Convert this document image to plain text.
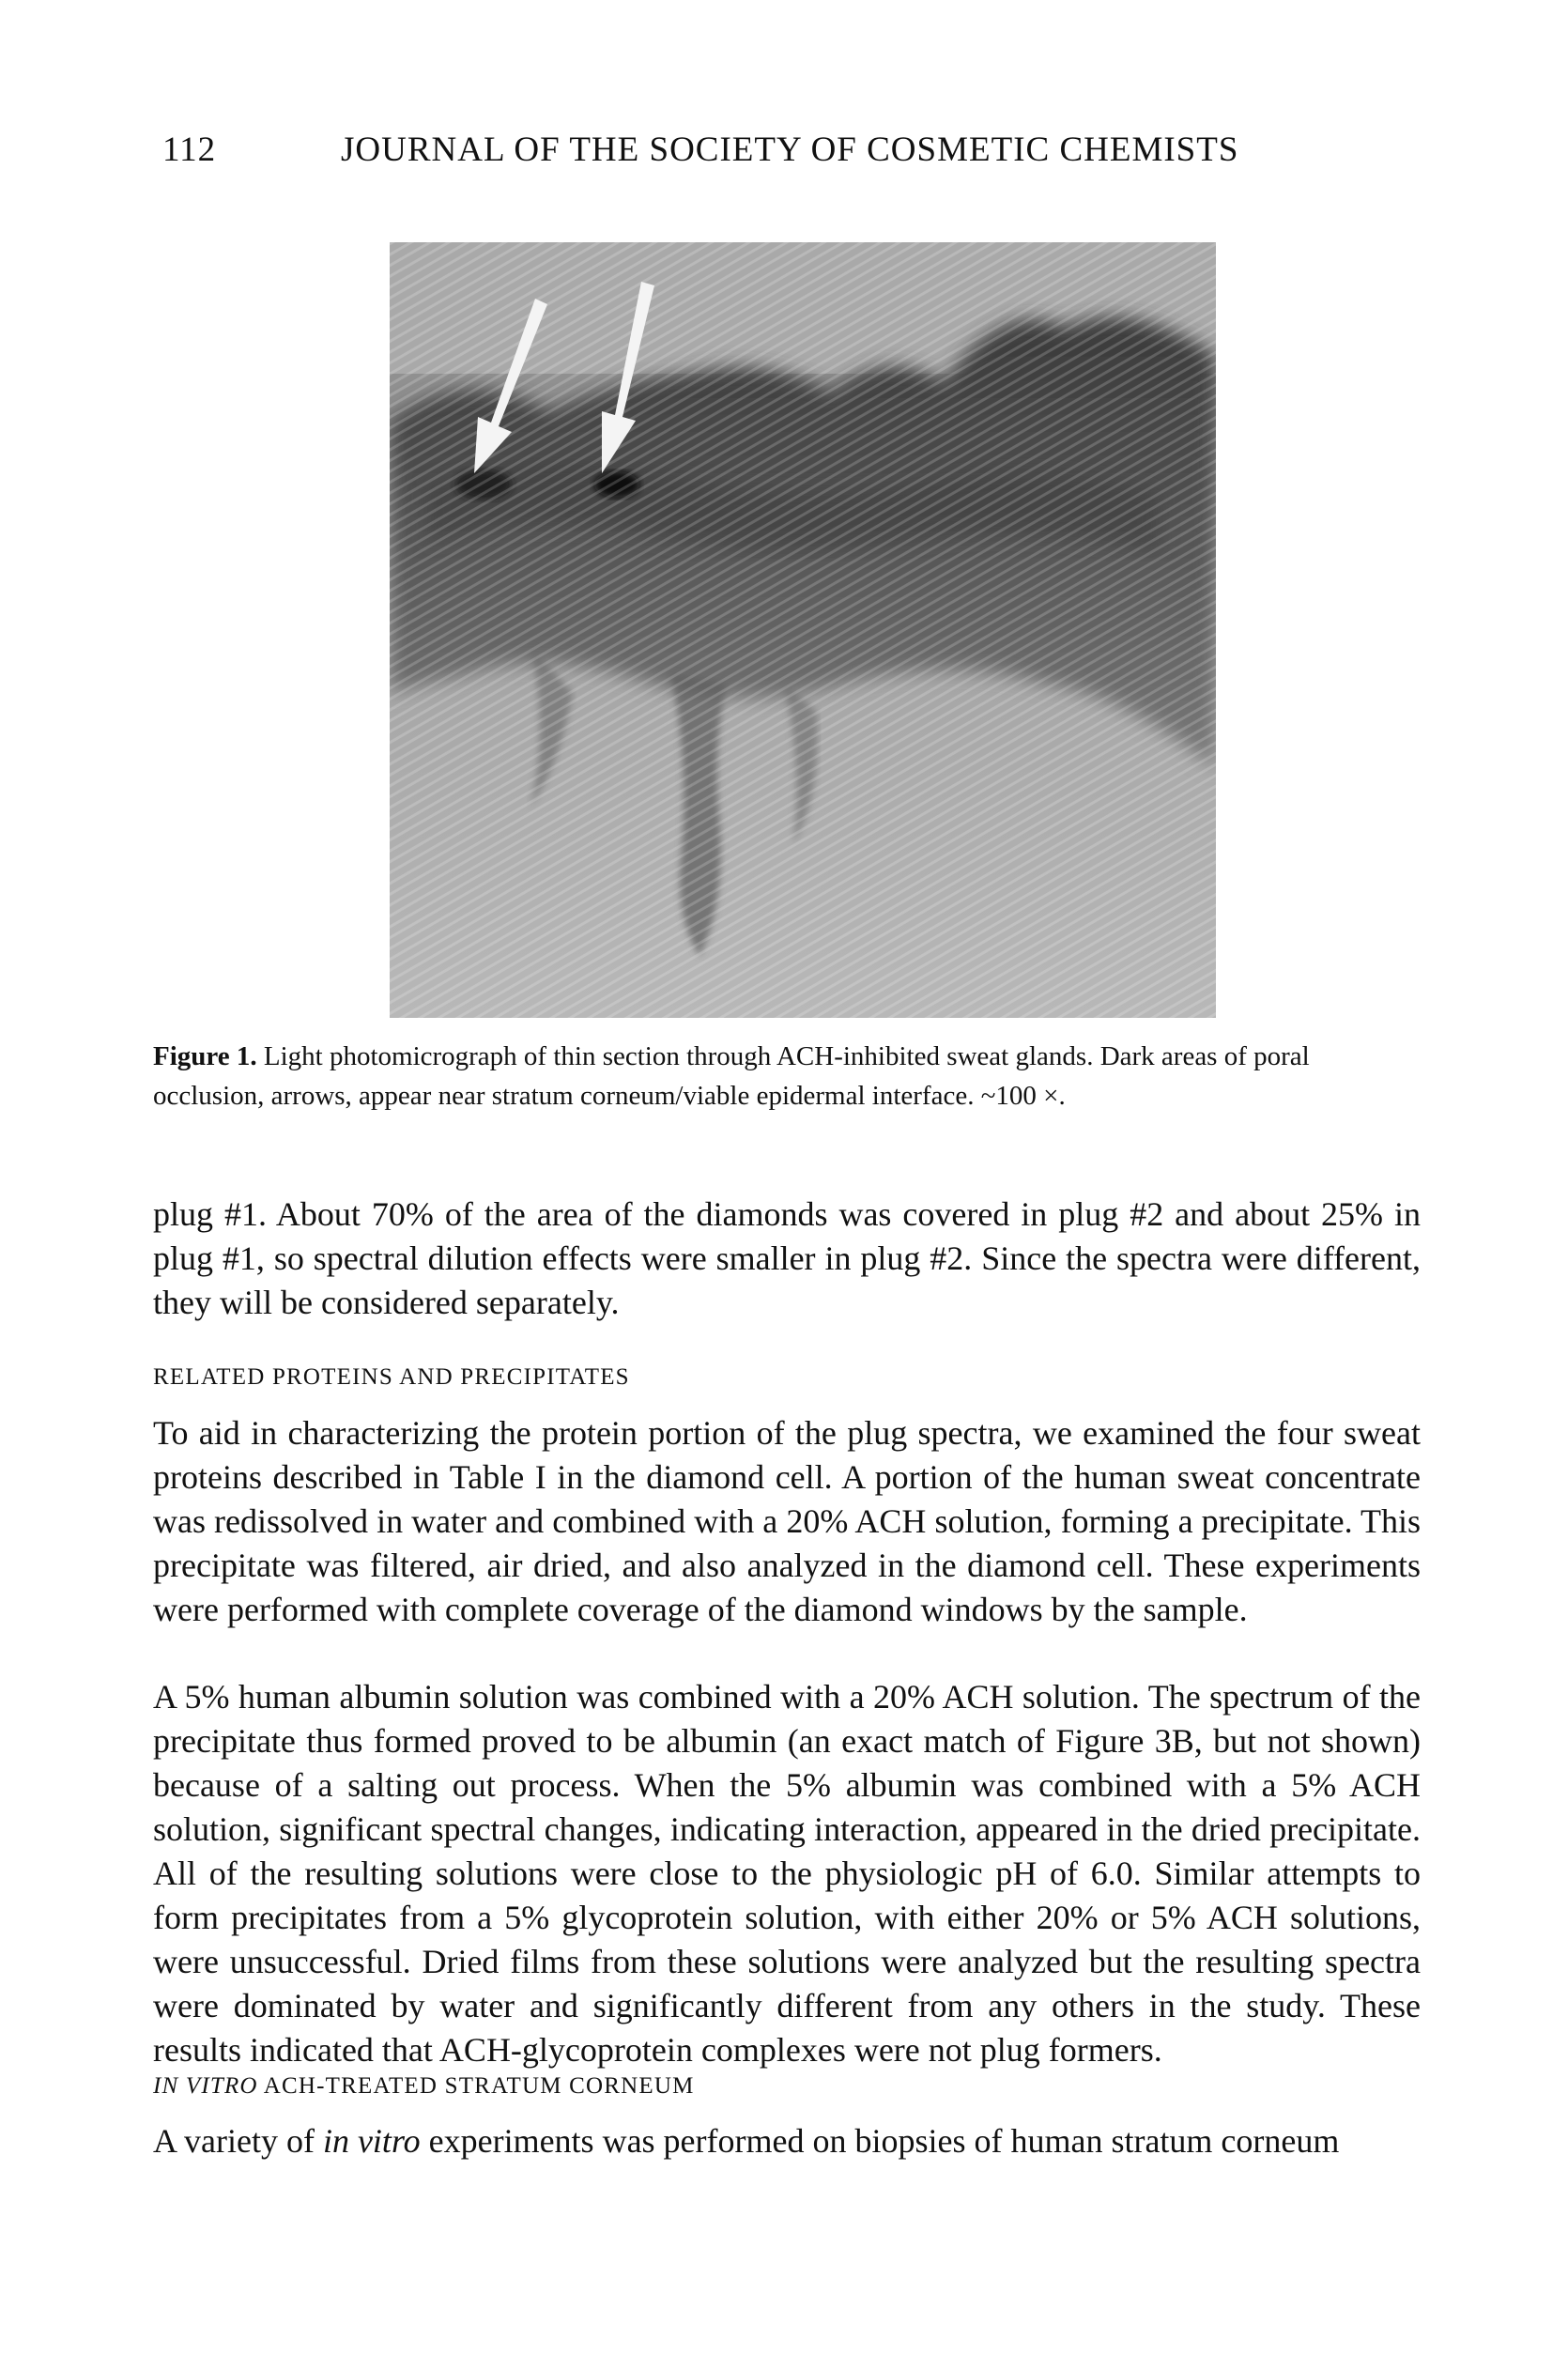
112	JOURNAL OF THE SOCIETY OF COSMETIC CHEMISTS
Figure 1. Light photomicrograph of thin section through ACH-inhibited sweat glands. Dark areas of poral occlusion, arrows, appear near stratum corneum/viable epidermal interface. ~100 ×.

plug #1. About 70% of the area of the diamonds was covered in plug #2 and about 25% in plug #1, so spectral dilution effects were smaller in plug #2. Since the spectra were different, they will be considered separately.

RELATED PROTEINS AND PRECIPITATES

To aid in characterizing the protein portion of the plug spectra, we examined the four sweat proteins described in Table I in the diamond cell. A portion of the human sweat concentrate was redissolved in water and combined with a 20% ACH solution, forming a precipitate. This precipitate was filtered, air dried, and also analyzed in the diamond cell. These experiments were performed with complete coverage of the diamond windows by the sample.

A 5% human albumin solution was combined with a 20% ACH solution. The spectrum of the precipitate thus formed proved to be albumin (an exact match of Figure 3B, but not shown) because of a salting out process. When the 5% albumin was combined with a 5% ACH solution, significant spectral changes, indicating interaction, appeared in the dried precipitate. All of the resulting solutions were close to the physiologic pH of 6.0. Similar attempts to form precipitates from a 5% glycoprotein solution, with either 20% or 5% ACH solutions, were unsuccessful. Dried films from these solutions were analyzed but the resulting spectra were dominated by water and significantly different from any others in the study. These results indicated that ACH-glycoprotein complexes were not plug formers.

IN VITRO ACH-TREATED STRATUM CORNEUM

A variety of in vitro experiments was performed on biopsies of human stratum corneum
